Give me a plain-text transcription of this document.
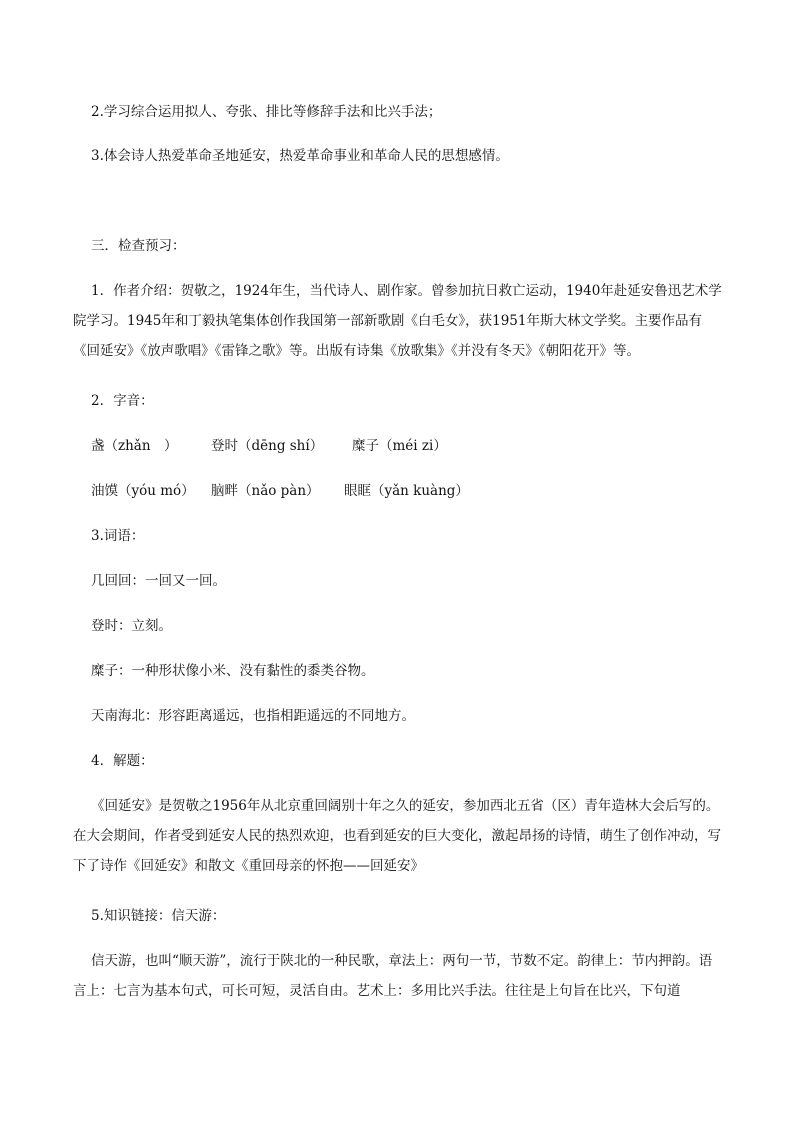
2.学习综合运用拟人、夸张、排比等修辞手法和比兴手法；
3.体会诗人热爱革命圣地延安，热爱革命事业和革命人民的思想感情。
三．检查预习：

1．作者介绍：贺敬之，1924年生，当代诗人、剧作家。曾参加抗日救亡运动，1940年赴延安鲁迅艺术学院学习。1945年和丁毅执笔集体创作我国第一部新歌剧《白毛女》，获1951年斯大林文学奖。主要作品有《回延安》《放声歌唱》《雷锋之歌》等。出版有诗集《放歌集》《并没有冬天》《朝阳花开》等。

2．字音：
盏（zhǎn　） 登时（dēng shí） 糜子（méi zi）
油馍（yóu mó） 脑畔（nǎo pàn） 眼眶（yǎn kuàng）
3.词语：
几回回：一回又一回。
登时：立刻。
糜子：一种形状像小米、没有黏性的黍类谷物。
天南海北：形容距离遥远，也指相距遥远的不同地方。
4．解题：

《回延安》是贺敬之1956年从北京重回阔别十年之久的延安，参加西北五省（区）青年造林大会后写的。在大会期间，作者受到延安人民的热烈欢迎，也看到延安的巨大变化，激起昂扬的诗情，萌生了创作冲动，写下了诗作《回延安》和散文《重回母亲的怀抱——回延安》

5.知识链接：信天游：

信天游，也叫“顺天游”，流行于陕北的一种民歌，章法上：两句一节，节数不定。韵律上：节内押韵。语言上：七言为基本句式，可长可短，灵活自由。艺术上：多用比兴手法。往往是上句旨在比兴，下句道
